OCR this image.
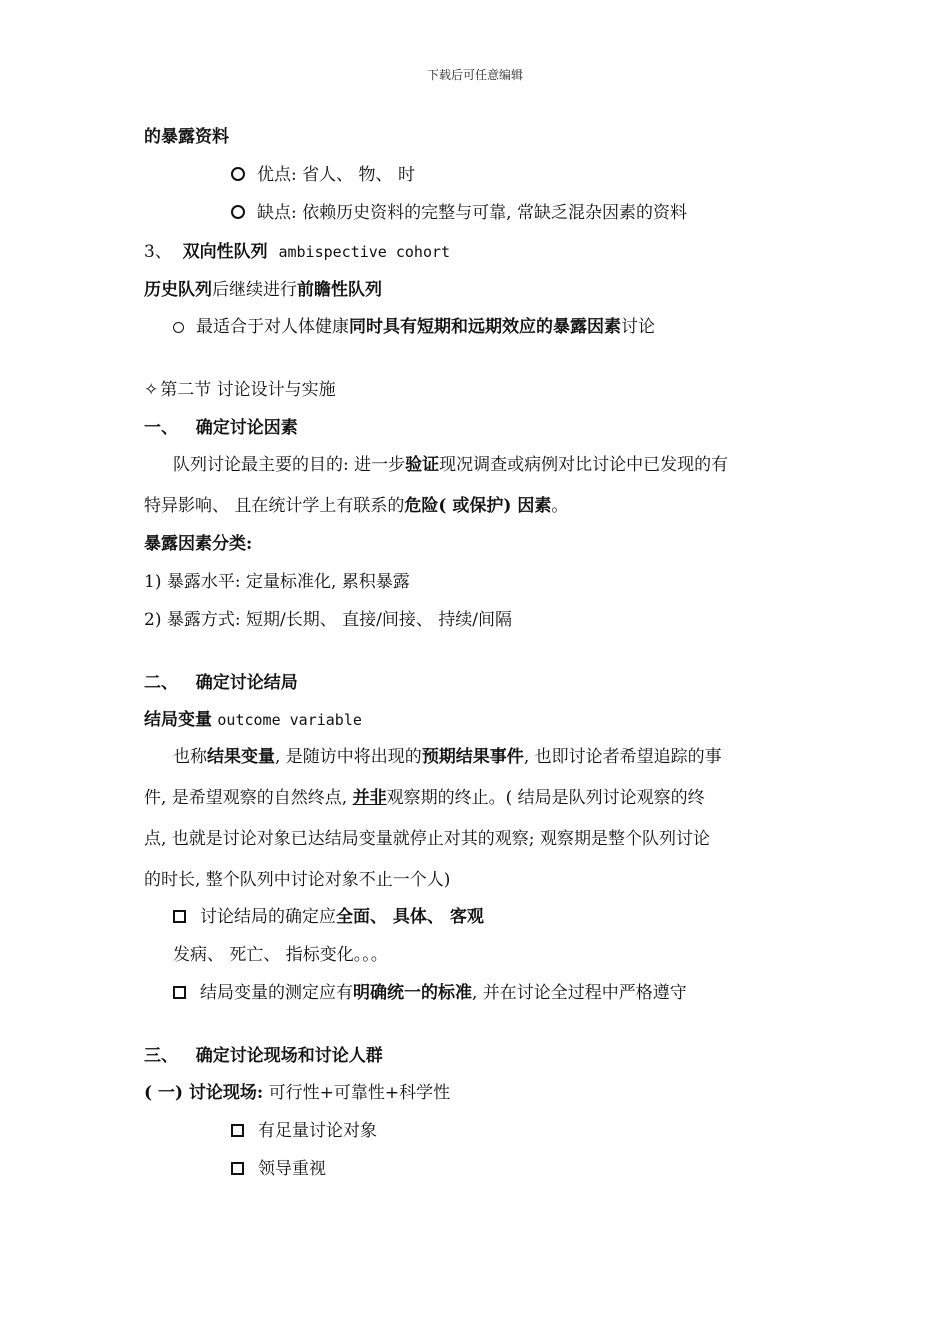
下载后可任意编辑
的暴露资料
优点: 省人、 物、 时
缺点: 依赖历史资料的完整与可靠, 常缺乏混杂因素的资料
3、 双向性队列 ambispective cohort
历史队列后继续进行前瞻性队列
最适合于对人体健康同时具有短期和远期效应的暴露因素讨论
✧ 第二节 讨论设计与实施
一、 确定讨论因素
队列讨论最主要的目的: 进一步验证现况调查或病例对比讨论中已发现的有
特异影响、 且在统计学上有联系的危险( 或保护) 因素。
暴露因素分类:
1) 暴露水平: 定量标准化, 累积暴露
2) 暴露方式: 短期/长期、 直接/间接、 持续/间隔
二、 确定讨论结局
结局变量 outcome variable
也称结果变量, 是随访中将出现的预期结果事件, 也即讨论者希望追踪的事
件, 是希望观察的自然终点, 并非观察期的终止。( 结局是队列讨论观察的终
点, 也就是讨论对象已达结局变量就停止对其的观察; 观察期是整个队列讨论
的时长, 整个队列中讨论对象不止一个人)
讨论结局的确定应全面、 具体、 客观
发病、 死亡、 指标变化。。。
结局变量的测定应有明确统一的标准, 并在讨论全过程中严格遵守
三、 确定讨论现场和讨论人群
( 一) 讨论现场: 可行性+可靠性+科学性
有足量讨论对象
领导重视
